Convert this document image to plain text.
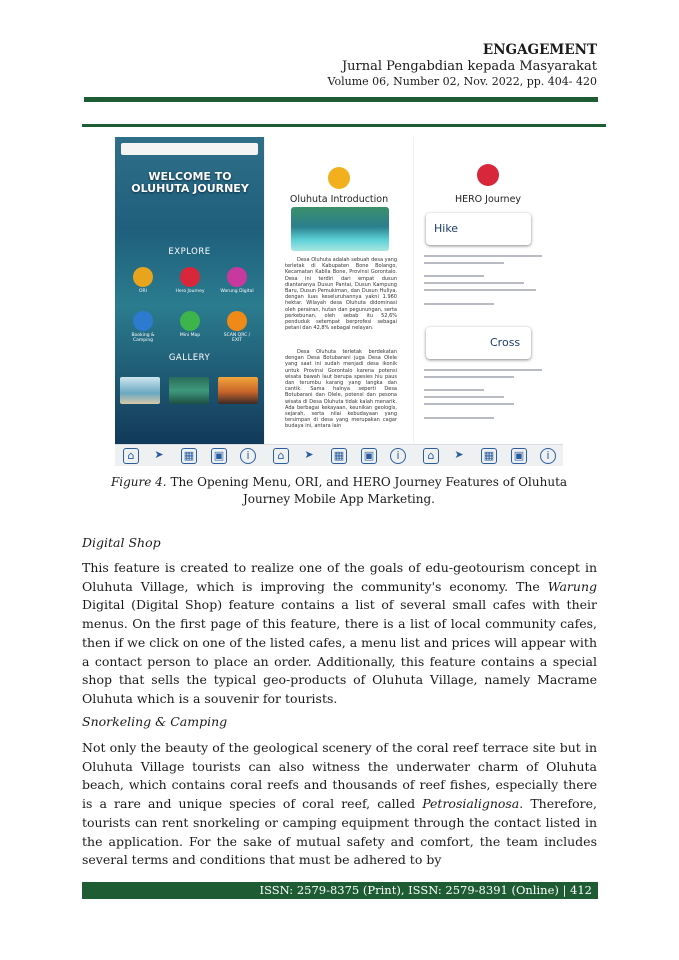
ENGAGEMENT
Jurnal Pengabdian kepada Masyarakat
Volume 06, Number 02, Nov. 2022, pp. 404- 420
WELCOME TO OLUHUTA JOURNEY
EXPLORE
ORI	Hero Journey	Warung Digital
Booking & Camping
Mini Map	SCAN QRC / EXIT
GALLERY
Oluhuta Introduction
Desa Oluhuta adalah sebuah desa yang terletak di Kabupaten Bone Bolango, Kecamatan Kabila Bone, Provinsi Gorontalo. Desa ini terdiri dari empat dusun diantaranya Dusun Pantai, Dusun Kampung Baru, Dusun Pemukiman, dan Dusun Huliya, dengan luas keseluruhannya yakni 1.960 hektar. Wilayah desa Oluhuta didominasi oleh perairan, hutan dan pegunungan, serta perkebunan, oleh sebab itu 52,6% penduduk setempat berprofesi sebagai petani dan 42,8% sebagai nelayan.
Desa Oluhuta terletak berdekatan dengan Desa Botubarani juga Desa Olele yang saat ini sudah menjadi desa ikonik untuk Provinsi Gorontalo karena potensi wisata bawah laut berupa spesies hiu paus dan terumbu karang yang langka dan cantik. Sama halnya seperti Desa Botubarani dan Olele, potensi dan pesona wisata di Desa Oluhuta tidak kalah menarik. Ada berbagai kekayaan, keunikan geologis, sejarah, serta nilai kebudayaan yang tersimpan di desa yang merupakan cagar budaya ini, antara lain
HERO Journey
Hike
Cross
⌂	➤ ▦ ▣	i	⌂	➤ ▦ ▣	i	⌂	➤ ▦ ▣	i
Figure 4. The Opening Menu, ORI, and HERO Journey Features of Oluhuta Journey Mobile App Marketing.
Digital Shop
This feature is created to realize one of the goals of edu-geotourism concept in Oluhuta Village, which is improving the community's economy. The Warung Digital (Digital Shop) feature contains a list of several small cafes with their menus. On the first page of this feature, there is a list of local community cafes, then if we click on one of the listed cafes, a menu list and prices will appear with a contact person to place an order. Additionally, this feature contains a special shop that sells the typical geo-products of Oluhuta Village, namely Macrame Oluhuta which is a souvenir for tourists.
Snorkeling & Camping
Not only the beauty of the geological scenery of the coral reef terrace site but in Oluhuta Village tourists can also witness the underwater charm of Oluhuta beach, which contains coral reefs and thousands of reef fishes, especially there is a rare and unique species of coral reef, called Petrosialignosa. Therefore, tourists can rent snorkeling or camping equipment through the contact listed in the application. For the sake of mutual safety and comfort, the team includes several terms and conditions that must be adhered to by
ISSN: 2579-8375 (Print), ISSN: 2579-8391 (Online) | 412
